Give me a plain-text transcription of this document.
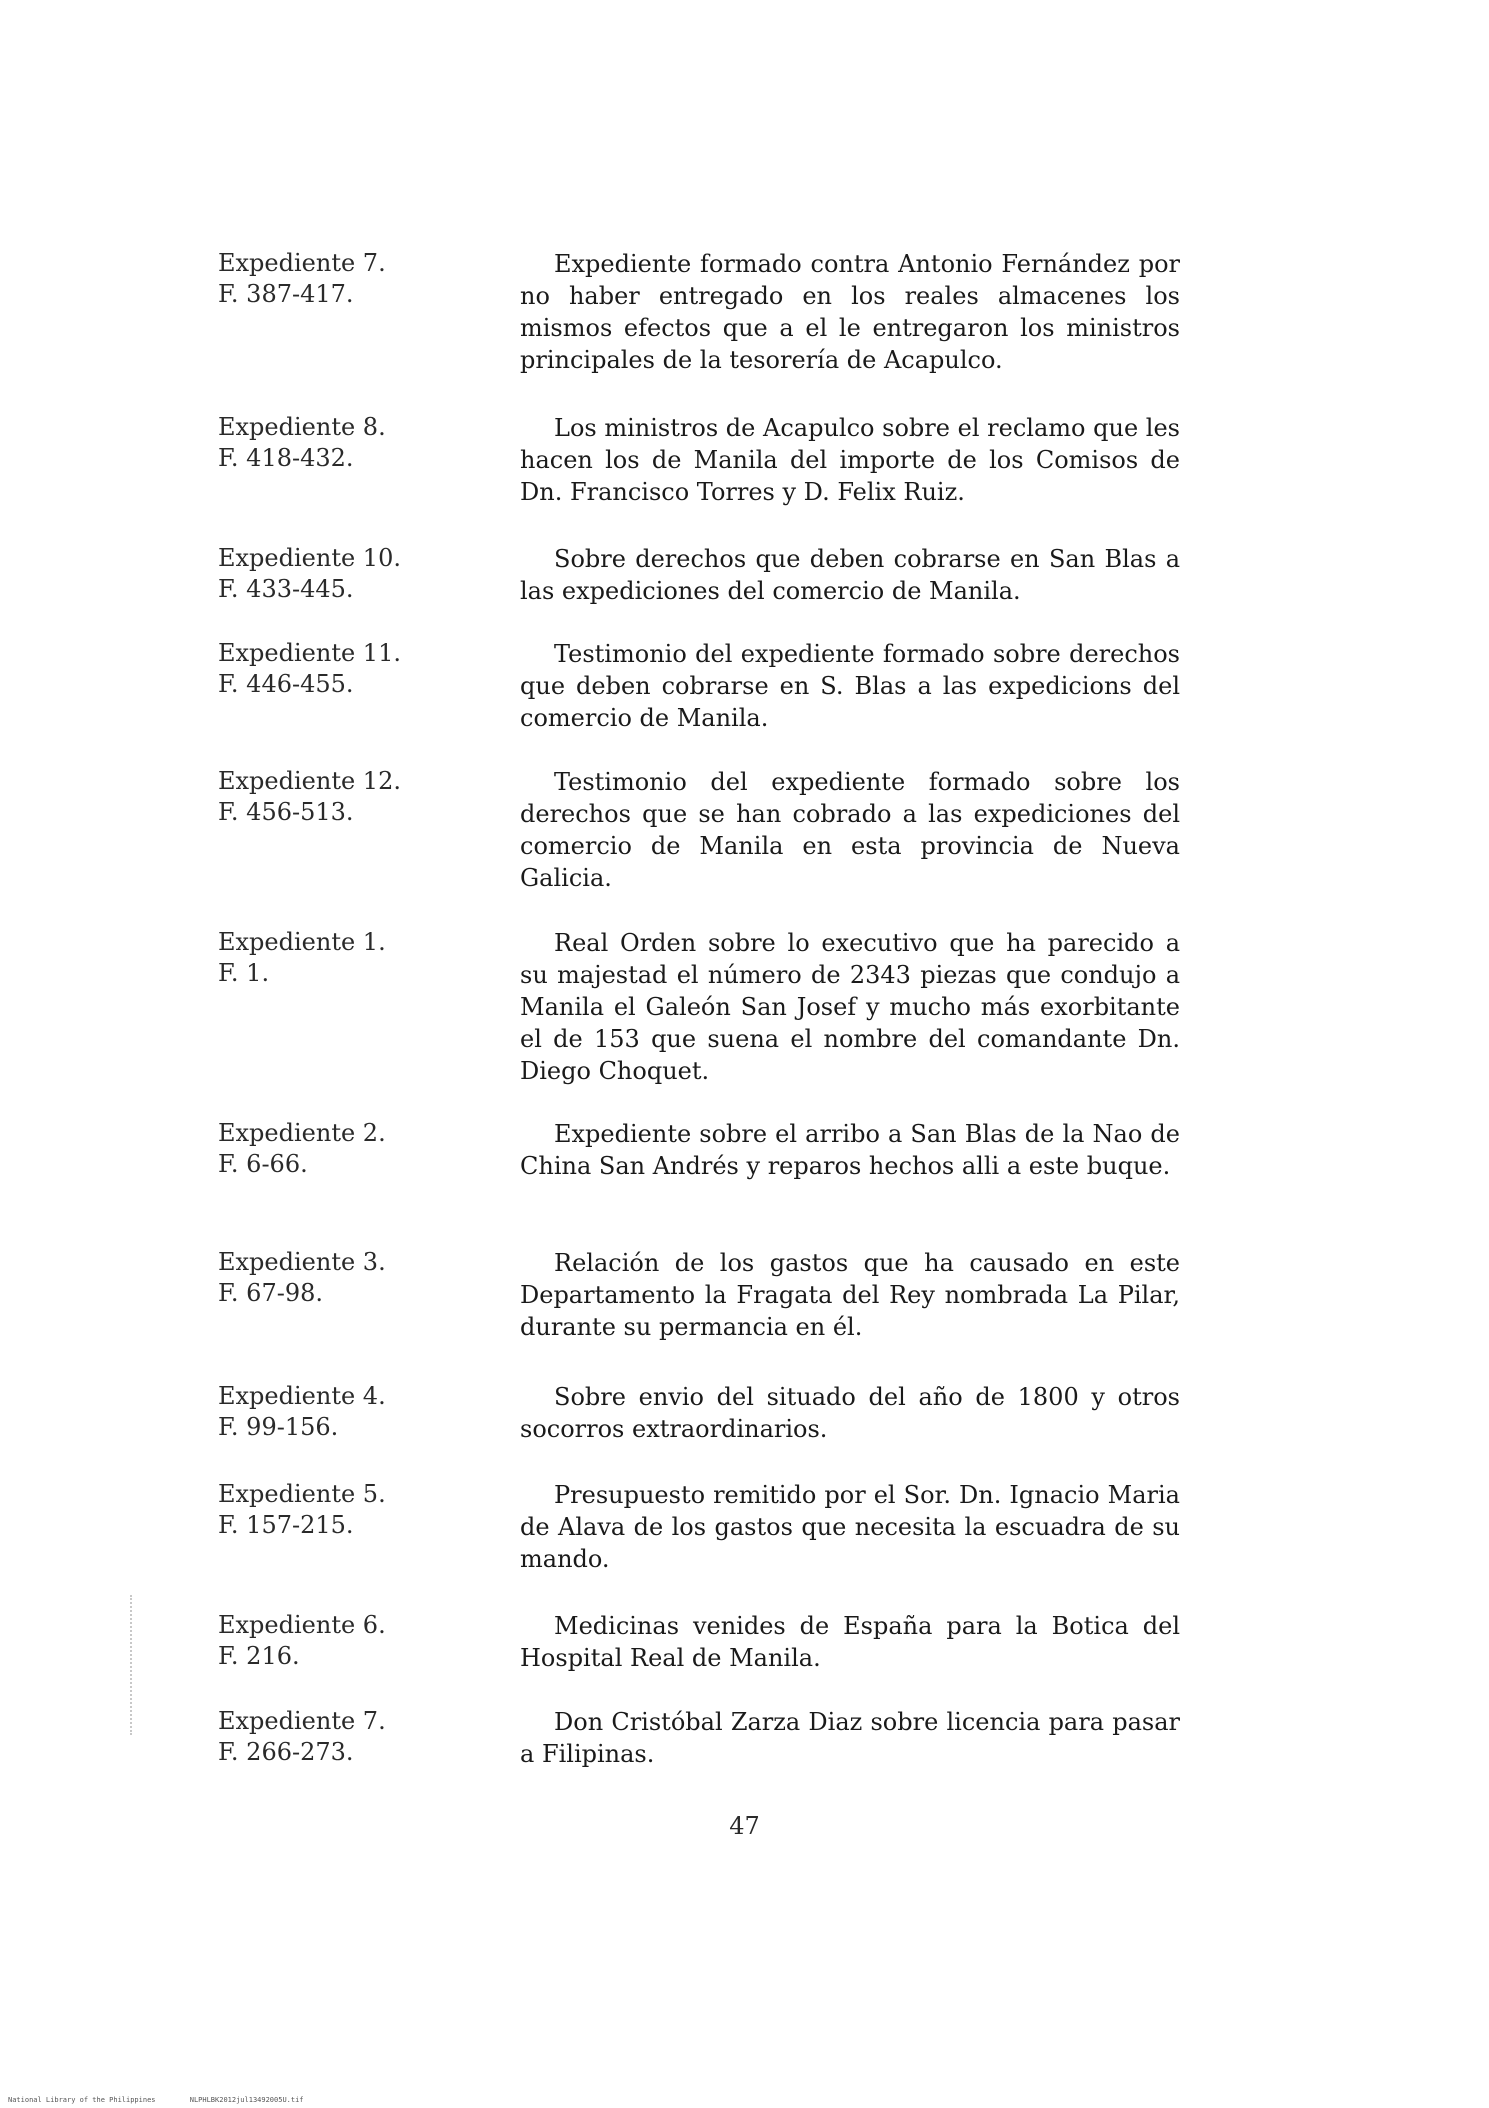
Expediente 7.
F. 387-417.

Expediente formado contra Antonio Fernández por no haber entregado en los reales almacenes los mismos efectos que a el le entregaron los ministros principales de la tesorería de Acapulco.

Expediente 8.
F. 418-432.

Los ministros de Acapulco sobre el reclamo que les hacen los de Manila del importe de los Comisos de Dn. Francisco Torres y D. Felix Ruiz.

Expediente 10.
F. 433-445.

Sobre derechos que deben cobrarse en San Blas a las expediciones del comercio de Manila.

Expediente 11.
F. 446-455.

Testimonio del expediente formado sobre derechos que deben cobrarse en S. Blas a las expedicions del comercio de Manila.

Expediente 12.
F. 456-513.

Testimonio del expediente formado sobre los derechos que se han cobrado a las expediciones del comercio de Manila en esta provincia de Nueva Galicia.

Expediente 1.
F. 1.

Real Orden sobre lo executivo que ha parecido a su majestad el número de 2343 piezas que condujo a Manila el Galeón San Josef y mucho más exorbitante el de 153 que suena el nombre del comandante Dn. Diego Choquet.

Expediente 2.
F. 6-66.

Expediente sobre el arribo a San Blas de la Nao de China San Andrés y reparos hechos alli a este buque.

Expediente 3.
F. 67-98.

Relación de los gastos que ha causado en este Departamento la Fragata del Rey nombrada La Pilar, durante su permancia en él.

Expediente 4.
F. 99-156.

Sobre envio del situado del año de 1800 y otros socorros extraordinarios.

Expediente 5.
F. 157-215.

Presupuesto remitido por el Sor. Dn. Ignacio Maria de Alava de los gastos que necesita la escuadra de su mando.

Expediente 6.
F. 216.

Medicinas venides de España para la Botica del Hospital Real de Manila.

Expediente 7.
F. 266-273.

Don Cristóbal Zarza Diaz sobre licencia para pasar a Filipinas.

47
National Library of the Philippines	NLPHLBK2012jul13492005U.tif
